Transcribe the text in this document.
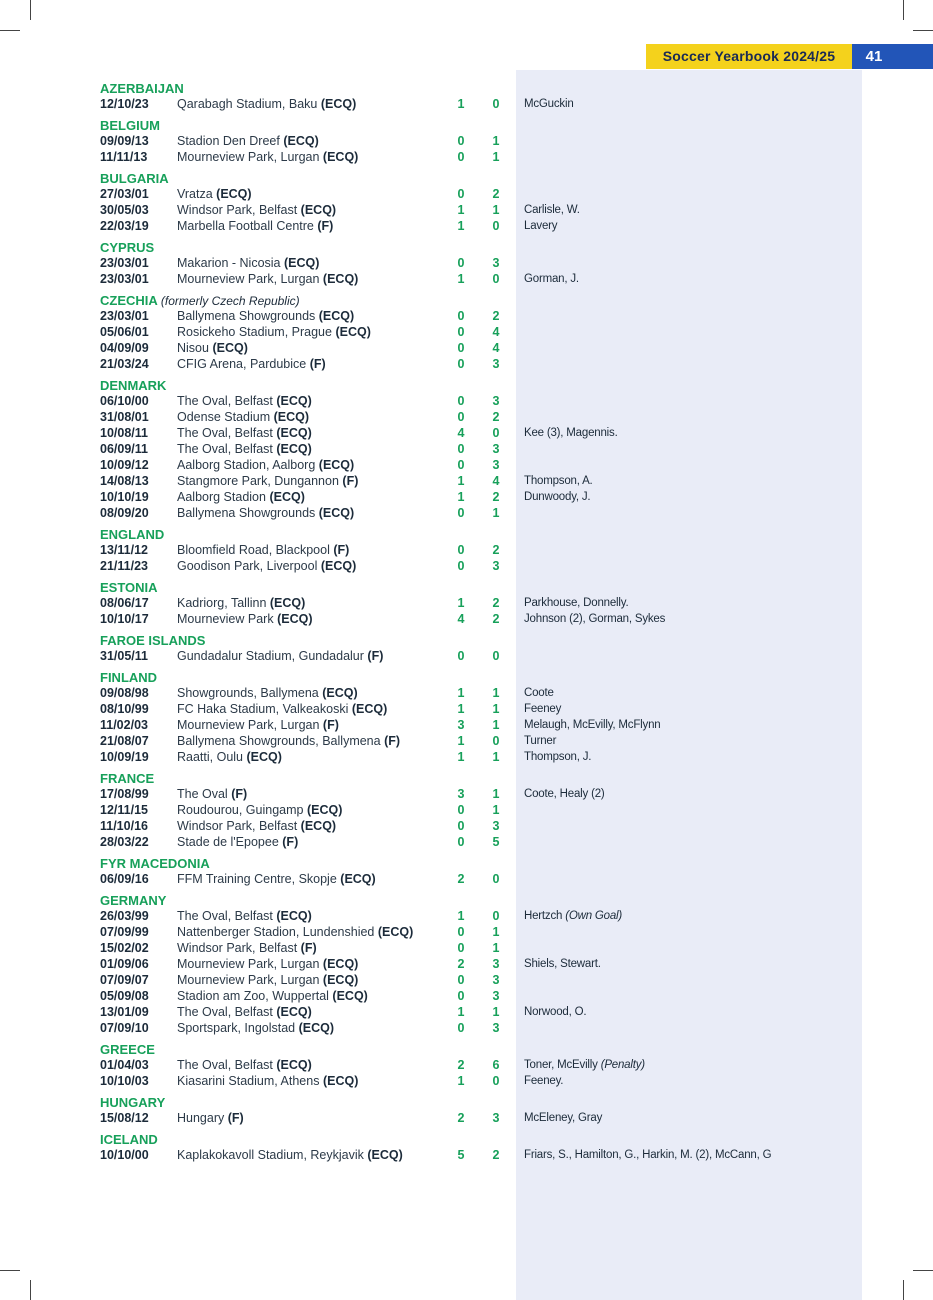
Soccer Yearbook 2024/25	41
AZERBAIJAN
12/10/23 Qarabagh Stadium, Baku (ECQ)	1 0	McGuckin
BELGIUM
09/09/13 Stadion Den Dreef (ECQ)	0 1
11/11/13 Mourneview Park, Lurgan (ECQ)	0 1
BULGARIA
27/03/01 Vratza (ECQ)	0 2
30/05/03 Windsor Park, Belfast (ECQ)	1 1	Carlisle, W.
22/03/19 Marbella Football Centre (F)	1 0	Lavery
CYPRUS
23/03/01 Makarion - Nicosia (ECQ)	0 3
23/03/01 Mourneview Park, Lurgan (ECQ)	1 0	Gorman, J.
CZECHIA (formerly Czech Republic)
23/03/01 Ballymena Showgrounds (ECQ)	0 2
05/06/01 Rosickeho Stadium, Prague (ECQ)	0 4
04/09/09 Nisou (ECQ)	0 4
21/03/24 CFIG Arena, Pardubice (F)	0 3
DENMARK
06/10/00 The Oval, Belfast (ECQ)	0 3
31/08/01 Odense Stadium (ECQ)	0 2
10/08/11 The Oval, Belfast (ECQ)	4 0	Kee (3), Magennis.
06/09/11 The Oval, Belfast (ECQ)	0 3
10/09/12 Aalborg Stadion, Aalborg (ECQ)	0 3
14/08/13 Stangmore Park, Dungannon (F)	1 4	Thompson, A.
10/10/19 Aalborg Stadion (ECQ)	1 2	Dunwoody, J.
08/09/20 Ballymena Showgrounds (ECQ)	0 1
ENGLAND
13/11/12 Bloomfield Road, Blackpool (F)	0 2
21/11/23 Goodison Park, Liverpool (ECQ)	0 3
ESTONIA
08/06/17 Kadriorg, Tallinn (ECQ)	1 2	Parkhouse, Donnelly.
10/10/17 Mourneview Park (ECQ)	4 2	Johnson (2), Gorman, Sykes
FAROE ISLANDS
31/05/11 Gundadalur Stadium, Gundadalur (F)	0 0
FINLAND
09/08/98 Showgrounds, Ballymena (ECQ)	1 1	Coote
08/10/99 FC Haka Stadium, Valkeakoski (ECQ)	1 1	Feeney
11/02/03 Mourneview Park, Lurgan (F)	3 1	Melaugh, McEvilly, McFlynn
21/08/07 Ballymena Showgrounds, Ballymena (F)	1 0	Turner
10/09/19 Raatti, Oulu (ECQ)	1 1	Thompson, J.
FRANCE
17/08/99 The Oval (F)	3 1	Coote, Healy (2)
12/11/15 Roudourou, Guingamp (ECQ)	0 1
11/10/16 Windsor Park, Belfast (ECQ)	0 3
28/03/22 Stade de l'Epopee (F)	0 5
FYR MACEDONIA
06/09/16 FFM Training Centre, Skopje (ECQ)	2 0
GERMANY
26/03/99 The Oval, Belfast (ECQ)	1 0	Hertzch (Own Goal)
07/09/99 Nattenberger Stadion, Lundenshied (ECQ)	0 1
15/02/02 Windsor Park, Belfast (F)	0 1
01/09/06 Mourneview Park, Lurgan (ECQ)	2 3	Shiels, Stewart.
07/09/07 Mourneview Park, Lurgan (ECQ)	0 3
05/09/08 Stadion am Zoo, Wuppertal (ECQ)	0 3
13/01/09 The Oval, Belfast (ECQ)	1 1	Norwood, O.
07/09/10 Sportspark, Ingolstad (ECQ)	0 3
GREECE
01/04/03 The Oval, Belfast (ECQ)	2 6	Toner, McEvilly (Penalty)
10/10/03 Kiasarini Stadium, Athens (ECQ)	1 0	Feeney.
HUNGARY
15/08/12 Hungary (F)	2 3	McEleney, Gray
ICELAND
10/10/00 Kaplakokavoll Stadium, Reykjavik (ECQ)	5 2	Friars, S., Hamilton, G., Harkin, M. (2), McCann, G
